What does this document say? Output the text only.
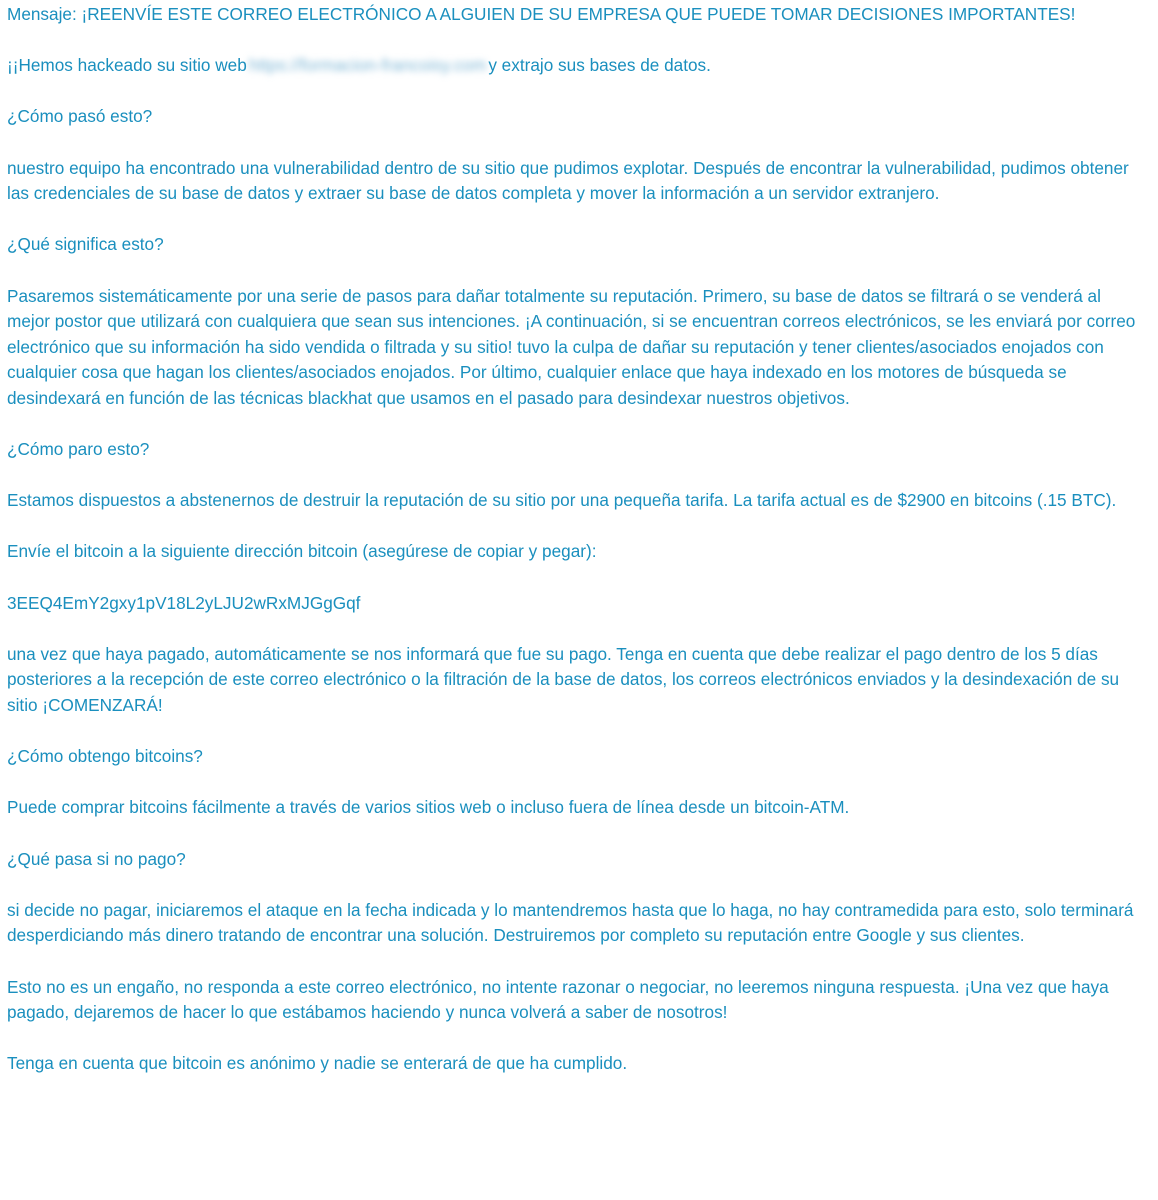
Mensaje: ¡REENVÍE ESTE CORREO ELECTRÓNICO A ALGUIEN DE SU EMPRESA QUE PUEDE TOMAR DECISIONES IMPORTANTES!

¡¡Hemos hackeado su sitio web https://formacion-francoisy.com y extrajo sus bases de datos.

¿Cómo pasó esto?

nuestro equipo ha encontrado una vulnerabilidad dentro de su sitio que pudimos explotar. Después de encontrar la vulnerabilidad, pudimos obtener las credenciales de su base de datos y extraer su base de datos completa y mover la información a un servidor extranjero.

¿Qué significa esto?

Pasaremos sistemáticamente por una serie de pasos para dañar totalmente su reputación. Primero, su base de datos se filtrará o se venderá al mejor postor que utilizará con cualquiera que sean sus intenciones. ¡A continuación, si se encuentran correos electrónicos, se les enviará por correo electrónico que su información ha sido vendida o filtrada y su sitio! tuvo la culpa de dañar su reputación y tener clientes/asociados enojados con cualquier cosa que hagan los clientes/asociados enojados. Por último, cualquier enlace que haya indexado en los motores de búsqueda se desindexará en función de las técnicas blackhat que usamos en el pasado para desindexar nuestros objetivos.

¿Cómo paro esto?

Estamos dispuestos a abstenernos de destruir la reputación de su sitio por una pequeña tarifa. La tarifa actual es de $2900 en bitcoins (.15 BTC).

Envíe el bitcoin a la siguiente dirección bitcoin (asegúrese de copiar y pegar):

3EEQ4EmY2gxy1pV18L2yLJU2wRxMJGgGqf

una vez que haya pagado, automáticamente se nos informará que fue su pago. Tenga en cuenta que debe realizar el pago dentro de los 5 días posteriores a la recepción de este correo electrónico o la filtración de la base de datos, los correos electrónicos enviados y la desindexación de su sitio ¡COMENZARÁ!

¿Cómo obtengo bitcoins?

Puede comprar bitcoins fácilmente a través de varios sitios web o incluso fuera de línea desde un bitcoin-ATM.

¿Qué pasa si no pago?

si decide no pagar, iniciaremos el ataque en la fecha indicada y lo mantendremos hasta que lo haga, no hay contramedida para esto, solo terminará desperdiciando más dinero tratando de encontrar una solución. Destruiremos por completo su reputación entre Google y sus clientes.

Esto no es un engaño, no responda a este correo electrónico, no intente razonar o negociar, no leeremos ninguna respuesta. ¡Una vez que haya pagado, dejaremos de hacer lo que estábamos haciendo y nunca volverá a saber de nosotros!

Tenga en cuenta que bitcoin es anónimo y nadie se enterará de que ha cumplido.
